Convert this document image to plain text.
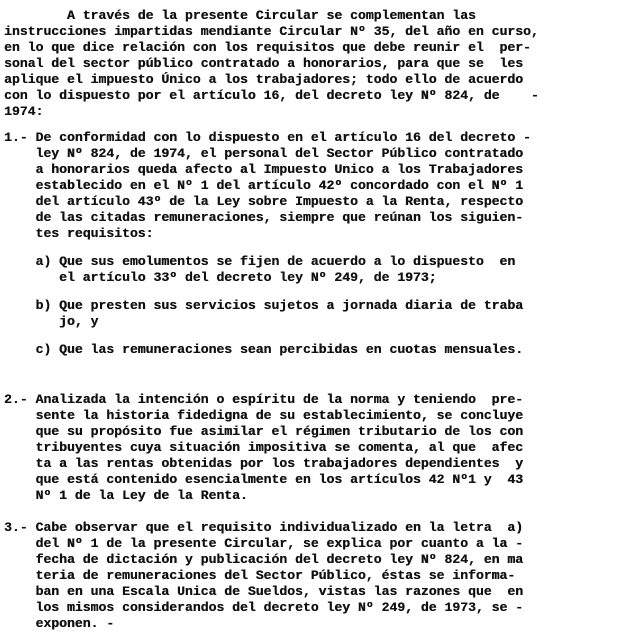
A través de la presente Circular se complementan las
instrucciones impartidas mendiante Circular Nº 35, del año en curso,
en lo que dice relación con los requisitos que debe reunir el  per-
sonal del sector público contratado a honorarios, para que se  les
aplique el impuesto Único a los trabajadores; todo ello de acuerdo
con lo dispuesto por el artículo 16, del decreto ley Nº 824, de    -
1974:
1.- De conformidad con lo dispuesto en el artículo 16 del decreto -
ley Nº 824, de 1974, el personal del Sector Público contratado
a honorarios queda afecto al Impuesto Unico a los Trabajadores
establecido en el Nº 1 del artículo 42º concordado con el Nº 1
del artículo 43º de la Ley sobre Impuesto a la Renta, respecto
de las citadas remuneraciones, siempre que reúnan los siguien-
tes requisitos:
a) Que sus emolumentos se fijen de acuerdo a lo dispuesto  en
el artículo 33º del decreto ley Nº 249, de 1973;
b) Que presten sus servicios sujetos a jornada diaria de traba
jo, y
c) Que las remuneraciones sean percibidas en cuotas mensuales.
2.- Analizada la intención o espíritu de la norma y teniendo  pre-
sente la historia fidedigna de su establecimiento, se concluye
que su propósito fue asimilar el régimen tributario de los con
tribuyentes cuya situación impositiva se comenta, al que  afec
ta a las rentas obtenidas por los trabajadores dependientes  y
que está contenido esencialmente en los artículos 42 Nº1 y  43
Nº 1 de la Ley de la Renta.
3.- Cabe observar que el requisito individualizado en la letra  a)
del Nº 1 de la presente Circular, se explica por cuanto a la -
fecha de dictación y publicación del decreto ley Nº 824, en ma
teria de remuneraciones del Sector Público, éstas se informa-
ban en una Escala Unica de Sueldos, vistas las razones que  en
los mismos considerandos del decreto ley Nº 249, de 1973, se -
exponen. -
